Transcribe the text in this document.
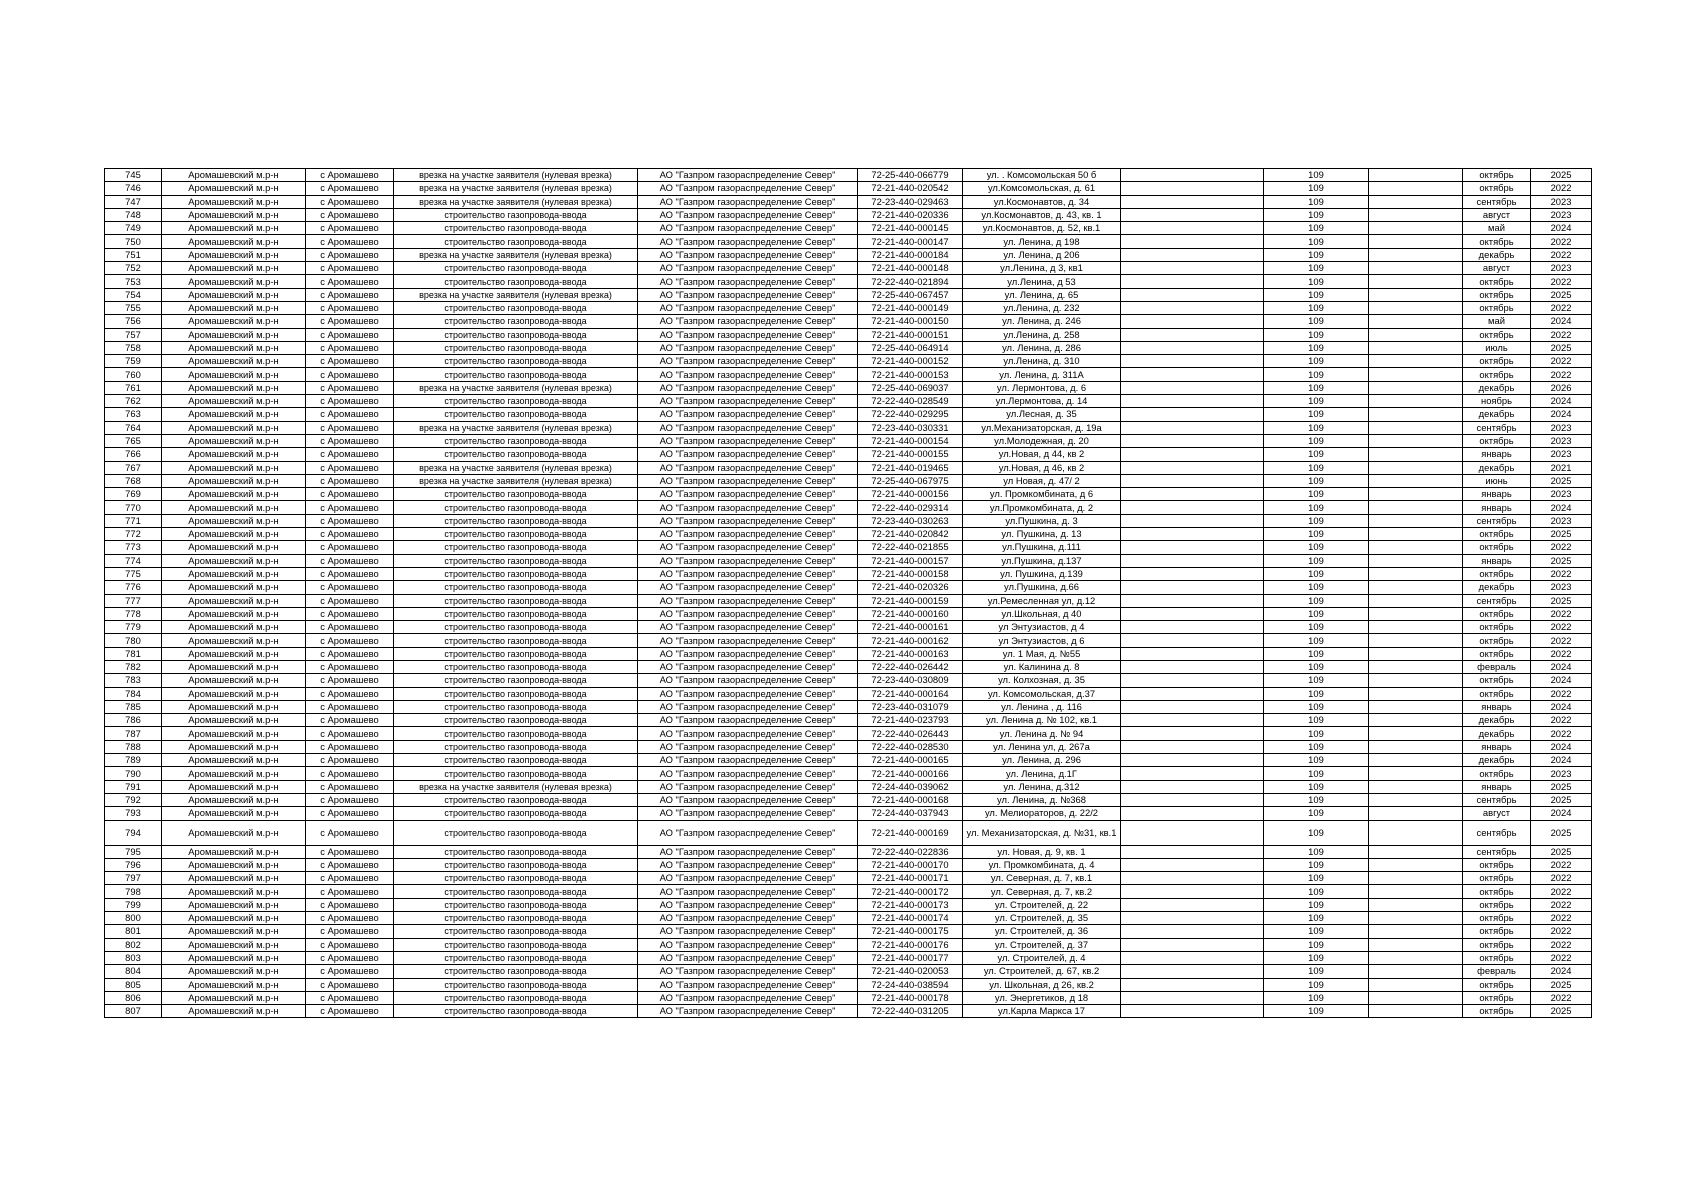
745	Аромашевский м.р-н	с Аромашево	врезка на участке заявителя (нулевая врезка)	АО "Газпром газораспределение Север"	72-25-440-066779	ул. . Комсомольская 50 б		109		октябрь	2025
746	Аромашевский м.р-н	с Аромашево	врезка на участке заявителя (нулевая врезка)	АО "Газпром газораспределение Север"	72-21-440-020542	ул.Комсомольская, д. 61		109		октябрь	2022
747	Аромашевский м.р-н	с Аромашево	врезка на участке заявителя (нулевая врезка)	АО "Газпром газораспределение Север"	72-23-440-029463	ул.Космонавтов, д. 34		109		сентябрь	2023
748	Аромашевский м.р-н	с Аромашево	строительство газопровода-ввода	АО "Газпром газораспределение Север"	72-21-440-020336	ул.Космонавтов, д. 43, кв. 1		109		август	2023
749	Аромашевский м.р-н	с Аромашево	строительство газопровода-ввода	АО "Газпром газораспределение Север"	72-21-440-000145	ул.Космонавтов, д. 52, кв.1		109		май	2024
750	Аромашевский м.р-н	с Аромашево	строительство газопровода-ввода	АО "Газпром газораспределение Север"	72-21-440-000147	ул. Ленина, д 198		109		октябрь	2022
751	Аромашевский м.р-н	с Аромашево	врезка на участке заявителя (нулевая врезка)	АО "Газпром газораспределение Север"	72-21-440-000184	ул. Ленина, д 206		109		декабрь	2022
752	Аромашевский м.р-н	с Аромашево	строительство газопровода-ввода	АО "Газпром газораспределение Север"	72-21-440-000148	ул.Ленина, д 3, кв1		109		август	2023
753	Аромашевский м.р-н	с Аромашево	строительство газопровода-ввода	АО "Газпром газораспределение Север"	72-22-440-021894	ул.Ленина, д 53		109		октябрь	2022
754	Аромашевский м.р-н	с Аромашево	врезка на участке заявителя (нулевая врезка)	АО "Газпром газораспределение Север"	72-25-440-067457	ул. Ленина, д. 65		109		октябрь	2025
755	Аромашевский м.р-н	с Аромашево	строительство газопровода-ввода	АО "Газпром газораспределение Север"	72-21-440-000149	ул.Ленина, д. 232		109		октябрь	2022
756	Аромашевский м.р-н	с Аромашево	строительство газопровода-ввода	АО "Газпром газораспределение Север"	72-21-440-000150	ул. Ленина, д. 246		109		май	2024
757	Аромашевский м.р-н	с Аромашево	строительство газопровода-ввода	АО "Газпром газораспределение Север"	72-21-440-000151	ул.Ленина, д. 258		109		октябрь	2022
758	Аромашевский м.р-н	с Аромашево	строительство газопровода-ввода	АО "Газпром газораспределение Север"	72-25-440-064914	ул. Ленина, д. 286		109		июль	2025
759	Аромашевский м.р-н	с Аромашево	строительство газопровода-ввода	АО "Газпром газораспределение Север"	72-21-440-000152	ул.Ленина, д. 310		109		октябрь	2022
760	Аромашевский м.р-н	с Аромашево	строительство газопровода-ввода	АО "Газпром газораспределение Север"	72-21-440-000153	ул. Ленина, д. 311А		109		октябрь	2022
761	Аромашевский м.р-н	с Аромашево	врезка на участке заявителя (нулевая врезка)	АО "Газпром газораспределение Север"	72-25-440-069037	ул. Лермонтова, д. 6		109		декабрь	2026
762	Аромашевский м.р-н	с Аромашево	строительство газопровода-ввода	АО "Газпром газораспределение Север"	72-22-440-028549	ул.Лермонтова, д. 14		109		ноябрь	2024
763	Аромашевский м.р-н	с Аромашево	строительство газопровода-ввода	АО "Газпром газораспределение Север"	72-22-440-029295	ул.Лесная, д. 35		109		декабрь	2024
764	Аромашевский м.р-н	с Аромашево	врезка на участке заявителя (нулевая врезка)	АО "Газпром газораспределение Север"	72-23-440-030331	ул.Механизаторская, д. 19а		109		сентябрь	2023
765	Аромашевский м.р-н	с Аромашево	строительство газопровода-ввода	АО "Газпром газораспределение Север"	72-21-440-000154	ул.Молодежная, д. 20		109		октябрь	2023
766	Аромашевский м.р-н	с Аромашево	строительство газопровода-ввода	АО "Газпром газораспределение Север"	72-21-440-000155	ул.Новая, д 44, кв 2		109		январь	2023
767	Аромашевский м.р-н	с Аромашево	врезка на участке заявителя (нулевая врезка)	АО "Газпром газораспределение Север"	72-21-440-019465	ул.Новая, д 46, кв 2		109		декабрь	2021
768	Аромашевский м.р-н	с Аромашево	врезка на участке заявителя (нулевая врезка)	АО "Газпром газораспределение Север"	72-25-440-067975	ул Новая, д. 47/ 2		109		июнь	2025
769	Аромашевский м.р-н	с Аромашево	строительство газопровода-ввода	АО "Газпром газораспределение Север"	72-21-440-000156	ул. Промкомбината, д 6		109		январь	2023
770	Аромашевский м.р-н	с Аромашево	строительство газопровода-ввода	АО "Газпром газораспределение Север"	72-22-440-029314	ул.Промкомбината, д. 2		109		январь	2024
771	Аромашевский м.р-н	с Аромашево	строительство газопровода-ввода	АО "Газпром газораспределение Север"	72-23-440-030263	ул.Пушкина, д. 3		109		сентябрь	2023
772	Аромашевский м.р-н	с Аромашево	строительство газопровода-ввода	АО "Газпром газораспределение Север"	72-21-440-020842	ул. Пушкина, д. 13		109		октябрь	2025
773	Аромашевский м.р-н	с Аромашево	строительство газопровода-ввода	АО "Газпром газораспределение Север"	72-22-440-021855	ул.Пушкина, д.111		109		октябрь	2022
774	Аромашевский м.р-н	с Аромашево	строительство газопровода-ввода	АО "Газпром газораспределение Север"	72-21-440-000157	ул.Пушкина, д.137		109		январь	2025
775	Аромашевский м.р-н	с Аромашево	строительство газопровода-ввода	АО "Газпром газораспределение Север"	72-21-440-000158	ул. Пушкина, д.139		109		октябрь	2022
776	Аромашевский м.р-н	с Аромашево	строительство газопровода-ввода	АО "Газпром газораспределение Север"	72-21-440-020326	ул.Пушкина, д.66		109		декабрь	2023
777	Аромашевский м.р-н	с Аромашево	строительство газопровода-ввода	АО "Газпром газораспределение Север"	72-21-440-000159	ул.Ремесленная ул, д.12		109		сентябрь	2025
778	Аромашевский м.р-н	с Аромашево	строительство газопровода-ввода	АО "Газпром газораспределение Север"	72-21-440-000160	ул.Школьная, д 40		109		октябрь	2022
779	Аромашевский м.р-н	с Аромашево	строительство газопровода-ввода	АО "Газпром газораспределение Север"	72-21-440-000161	ул Энтузиастов, д 4		109		октябрь	2022
780	Аромашевский м.р-н	с Аромашево	строительство газопровода-ввода	АО "Газпром газораспределение Север"	72-21-440-000162	ул Энтузиастов, д 6		109		октябрь	2022
781	Аромашевский м.р-н	с Аромашево	строительство газопровода-ввода	АО "Газпром газораспределение Север"	72-21-440-000163	ул. 1 Мая, д. №55		109		октябрь	2022
782	Аромашевский м.р-н	с Аромашево	строительство газопровода-ввода	АО "Газпром газораспределение Север"	72-22-440-026442	ул. Калинина д. 8		109		февраль	2024
783	Аромашевский м.р-н	с Аромашево	строительство газопровода-ввода	АО "Газпром газораспределение Север"	72-23-440-030809	ул. Колхозная, д. 35		109		октябрь	2024
784	Аромашевский м.р-н	с Аромашево	строительство газопровода-ввода	АО "Газпром газораспределение Север"	72-21-440-000164	ул. Комсомольская, д.37		109		октябрь	2022
785	Аромашевский м.р-н	с Аромашево	строительство газопровода-ввода	АО "Газпром газораспределение Север"	72-23-440-031079	ул. Ленина , д. 116		109		январь	2024
786	Аромашевский м.р-н	с Аромашево	строительство газопровода-ввода	АО "Газпром газораспределение Север"	72-21-440-023793	ул. Ленина д. № 102, кв.1		109		декабрь	2022
787	Аромашевский м.р-н	с Аромашево	строительство газопровода-ввода	АО "Газпром газораспределение Север"	72-22-440-026443	ул. Ленина д. № 94		109		декабрь	2022
788	Аромашевский м.р-н	с Аромашево	строительство газопровода-ввода	АО "Газпром газораспределение Север"	72-22-440-028530	ул. Ленина ул, д. 267а		109		январь	2024
789	Аромашевский м.р-н	с Аромашево	строительство газопровода-ввода	АО "Газпром газораспределение Север"	72-21-440-000165	ул. Ленина, д. 296		109		декабрь	2024
790	Аромашевский м.р-н	с Аромашево	строительство газопровода-ввода	АО "Газпром газораспределение Север"	72-21-440-000166	ул. Ленина, д.1Г		109		октябрь	2023
791	Аромашевский м.р-н	с Аромашево	врезка на участке заявителя (нулевая врезка)	АО "Газпром газораспределение Север"	72-24-440-039062	ул. Ленина, д.312		109		январь	2025
792	Аромашевский м.р-н	с Аромашево	строительство газопровода-ввода	АО "Газпром газораспределение Север"	72-21-440-000168	ул. Ленина, д. №368		109		сентябрь	2025
793	Аромашевский м.р-н	с Аромашево	строительство газопровода-ввода	АО "Газпром газораспределение Север"	72-24-440-037943	ул. Мелиораторов, д. 22/2		109		август	2024
794	Аромашевский м.р-н	с Аромашево	строительство газопровода-ввода	АО "Газпром газораспределение Север"	72-21-440-000169	ул. Механизаторская, д. №31, кв.1		109		сентябрь	2025
795	Аромашевский м.р-н	с Аромашево	строительство газопровода-ввода	АО "Газпром газораспределение Север"	72-22-440-022836	ул. Новая, д. 9, кв. 1		109		сентябрь	2025
796	Аромашевский м.р-н	с Аромашево	строительство газопровода-ввода	АО "Газпром газораспределение Север"	72-21-440-000170	ул. Промкомбината, д. 4		109		октябрь	2022
797	Аромашевский м.р-н	с Аромашево	строительство газопровода-ввода	АО "Газпром газораспределение Север"	72-21-440-000171	ул. Северная, д. 7, кв.1		109		октябрь	2022
798	Аромашевский м.р-н	с Аромашево	строительство газопровода-ввода	АО "Газпром газораспределение Север"	72-21-440-000172	ул. Северная, д. 7, кв.2		109		октябрь	2022
799	Аромашевский м.р-н	с Аромашево	строительство газопровода-ввода	АО "Газпром газораспределение Север"	72-21-440-000173	ул. Строителей, д. 22		109		октябрь	2022
800	Аромашевский м.р-н	с Аромашево	строительство газопровода-ввода	АО "Газпром газораспределение Север"	72-21-440-000174	ул. Строителей, д. 35		109		октябрь	2022
801	Аромашевский м.р-н	с Аромашево	строительство газопровода-ввода	АО "Газпром газораспределение Север"	72-21-440-000175	ул. Строителей, д. 36		109		октябрь	2022
802	Аромашевский м.р-н	с Аромашево	строительство газопровода-ввода	АО "Газпром газораспределение Север"	72-21-440-000176	ул. Строителей, д. 37		109		октябрь	2022
803	Аромашевский м.р-н	с Аромашево	строительство газопровода-ввода	АО "Газпром газораспределение Север"	72-21-440-000177	ул. Строителей, д. 4		109		октябрь	2022
804	Аромашевский м.р-н	с Аромашево	строительство газопровода-ввода	АО "Газпром газораспределение Север"	72-21-440-020053	ул. Строителей, д. 67, кв.2		109		февраль	2024
805	Аромашевский м.р-н	с Аромашево	строительство газопровода-ввода	АО "Газпром газораспределение Север"	72-24-440-038594	ул. Школьная, д 26, кв.2		109		октябрь	2025
806	Аромашевский м.р-н	с Аромашево	строительство газопровода-ввода	АО "Газпром газораспределение Север"	72-21-440-000178	ул. Энергетиков, д 18		109		октябрь	2022
807	Аромашевский м.р-н	с Аромашево	строительство газопровода-ввода	АО "Газпром газораспределение Север"	72-22-440-031205	ул.Карла Маркса 17		109		октябрь	2025
